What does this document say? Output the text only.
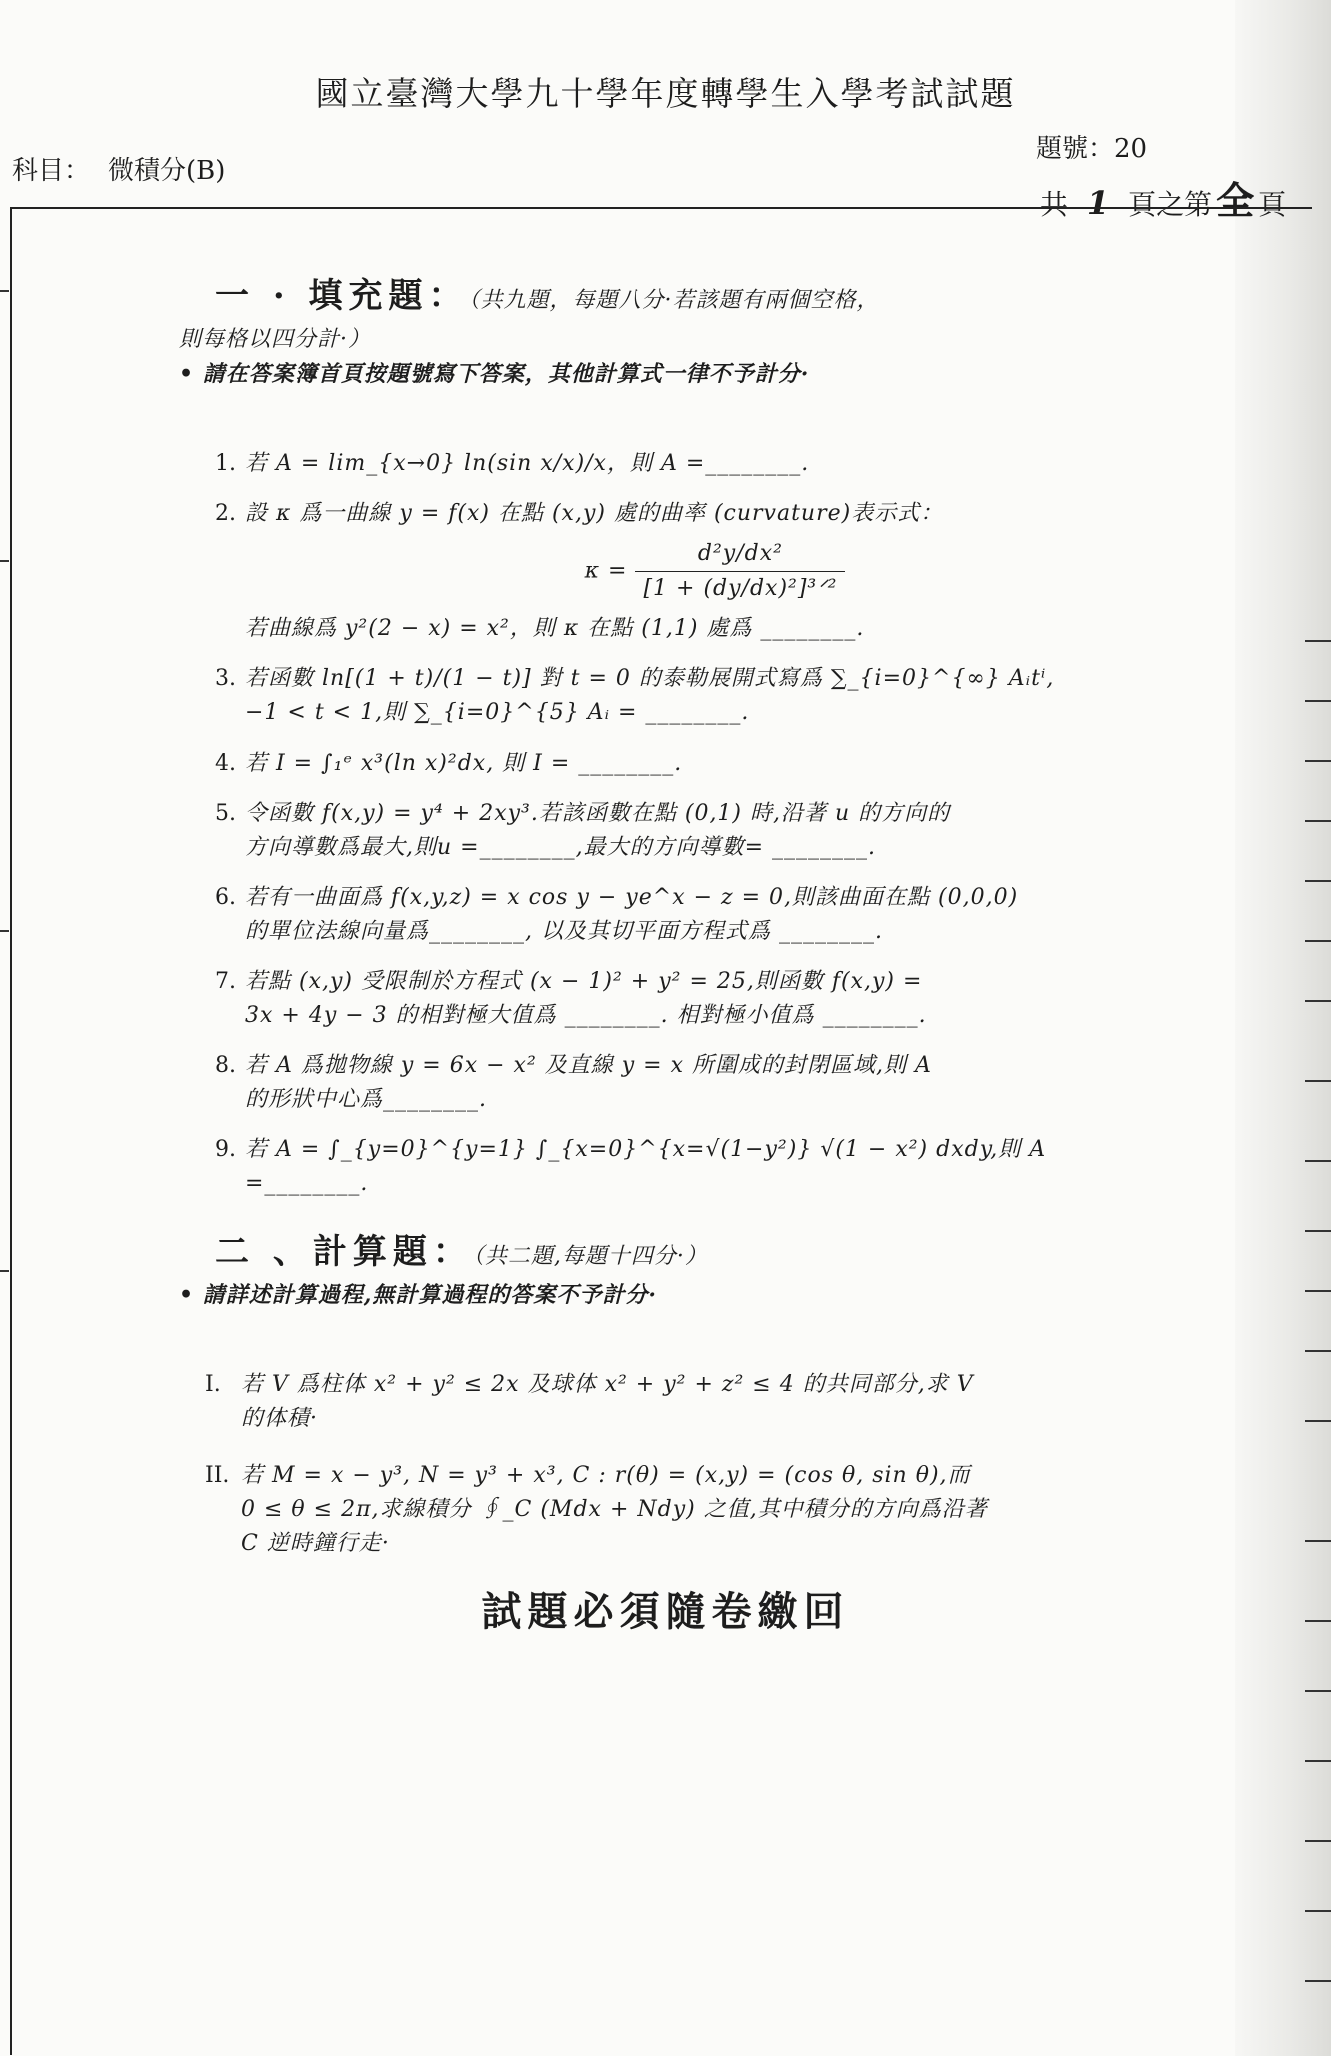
國立臺灣大學九十學年度轉學生入學考試試題
科目： 微積分(B)
題號：20
共 1 頁之第 全 頁
一 · 填充題：（共九題，每題八分·若該題有兩個空格，
則每格以四分計·）
• 請在答案簿首頁按題號寫下答案，其他計算式一律不予計分·
1. 若 A = lim_{x→0} ln(sin x/x)/x，則 A =________.
2. 設 κ 爲一曲線 y = f(x) 在點 (x,y) 處的曲率 (curvature)表示式：
$\kappa = \frac{\text{d²y/dx²}}{\text{[1 + (dy/dx)²]³ᐟ²}}$
若曲線爲 y²(2 − x) = x²，則 κ 在點 (1,1) 處爲 ________.
3. 若函數 ln[(1 + t)/(1 − t)] 對 t = 0 的泰勒展開式寫爲 ∑_{i=0}^{∞} Aᵢtⁱ,
−1 < t < 1,則 ∑_{i=0}^{5} Aᵢ = ________.
4. 若 I = ∫₁ᵉ x³(ln x)²dx, 則 I = ________.
5. 令函數 f(x,y) = y⁴ + 2xy³.若該函數在點 (0,1) 時,沿著 u 的方向的
方向導數爲最大,則u =________,最大的方向導數= ________.
6. 若有一曲面爲 f(x,y,z) = x cos y − ye^x − z = 0,則該曲面在點 (0,0,0)
的單位法線向量爲________, 以及其切平面方程式爲 ________.
7. 若點 (x,y) 受限制於方程式 (x − 1)² + y² = 25,則函數 f(x,y) =
3x + 4y − 3 的相對極大值爲 ________. 相對極小值爲 ________.
8. 若 A 爲拋物線 y = 6x − x² 及直線 y = x 所圍成的封閉區域,則 A
的形狀中心爲________.
9. 若 A = ∫_{y=0}^{y=1} ∫_{x=0}^{x=√(1−y²)} √(1 − x²) dxdy,則 A =________.
二 、計算題：（共二題,每題十四分·）
• 請詳述計算過程,無計算過程的答案不予計分·
I. 若 V 爲柱体 x² + y² ≤ 2x 及球体 x² + y² + z² ≤ 4 的共同部分,求 V
的体積·
II. 若 M = x − y³, N = y³ + x³, C : r(θ) = (x,y) = (cos θ, sin θ),而
0 ≤ θ ≤ 2π,求線積分 ∮_C (Mdx + Ndy) 之值,其中積分的方向爲沿著
C 逆時鐘行走·
試題必須隨卷繳回
